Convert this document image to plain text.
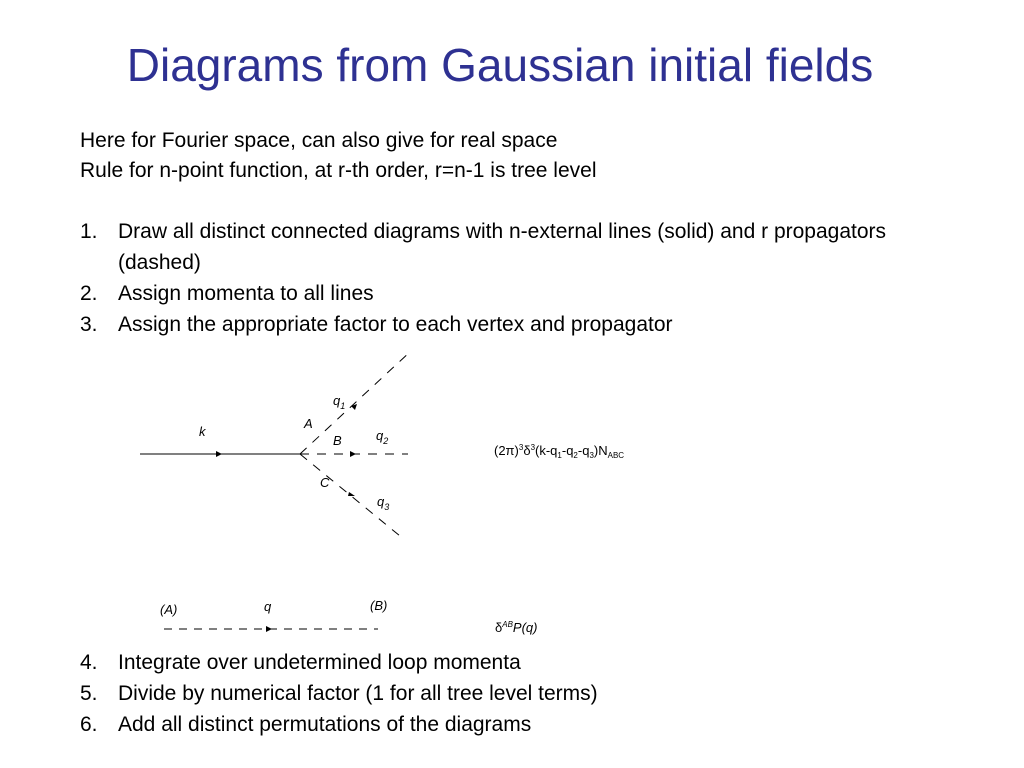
Diagrams from Gaussian initial fields
Here for Fourier space, can also give for real space
Rule for n-point function, at r-th order, r=n-1 is tree level
1. Draw all distinct connected diagrams with n-external lines (solid) and r propagators (dashed)
2. Assign momenta to all lines
3. Assign the appropriate factor to each vertex and propagator
k
A
B
C
$q_1$
$q_2$
$q_3$
$(2\pi)^3\delta^3(k-q_1-q_2-q_3)N_{ABC}$
(A)	q	(B)
$\delta^{AB}P(q)$
4. Integrate over undetermined loop momenta
5. Divide by numerical factor (1 for all tree level terms)
6. Add all distinct permutations of the diagrams
